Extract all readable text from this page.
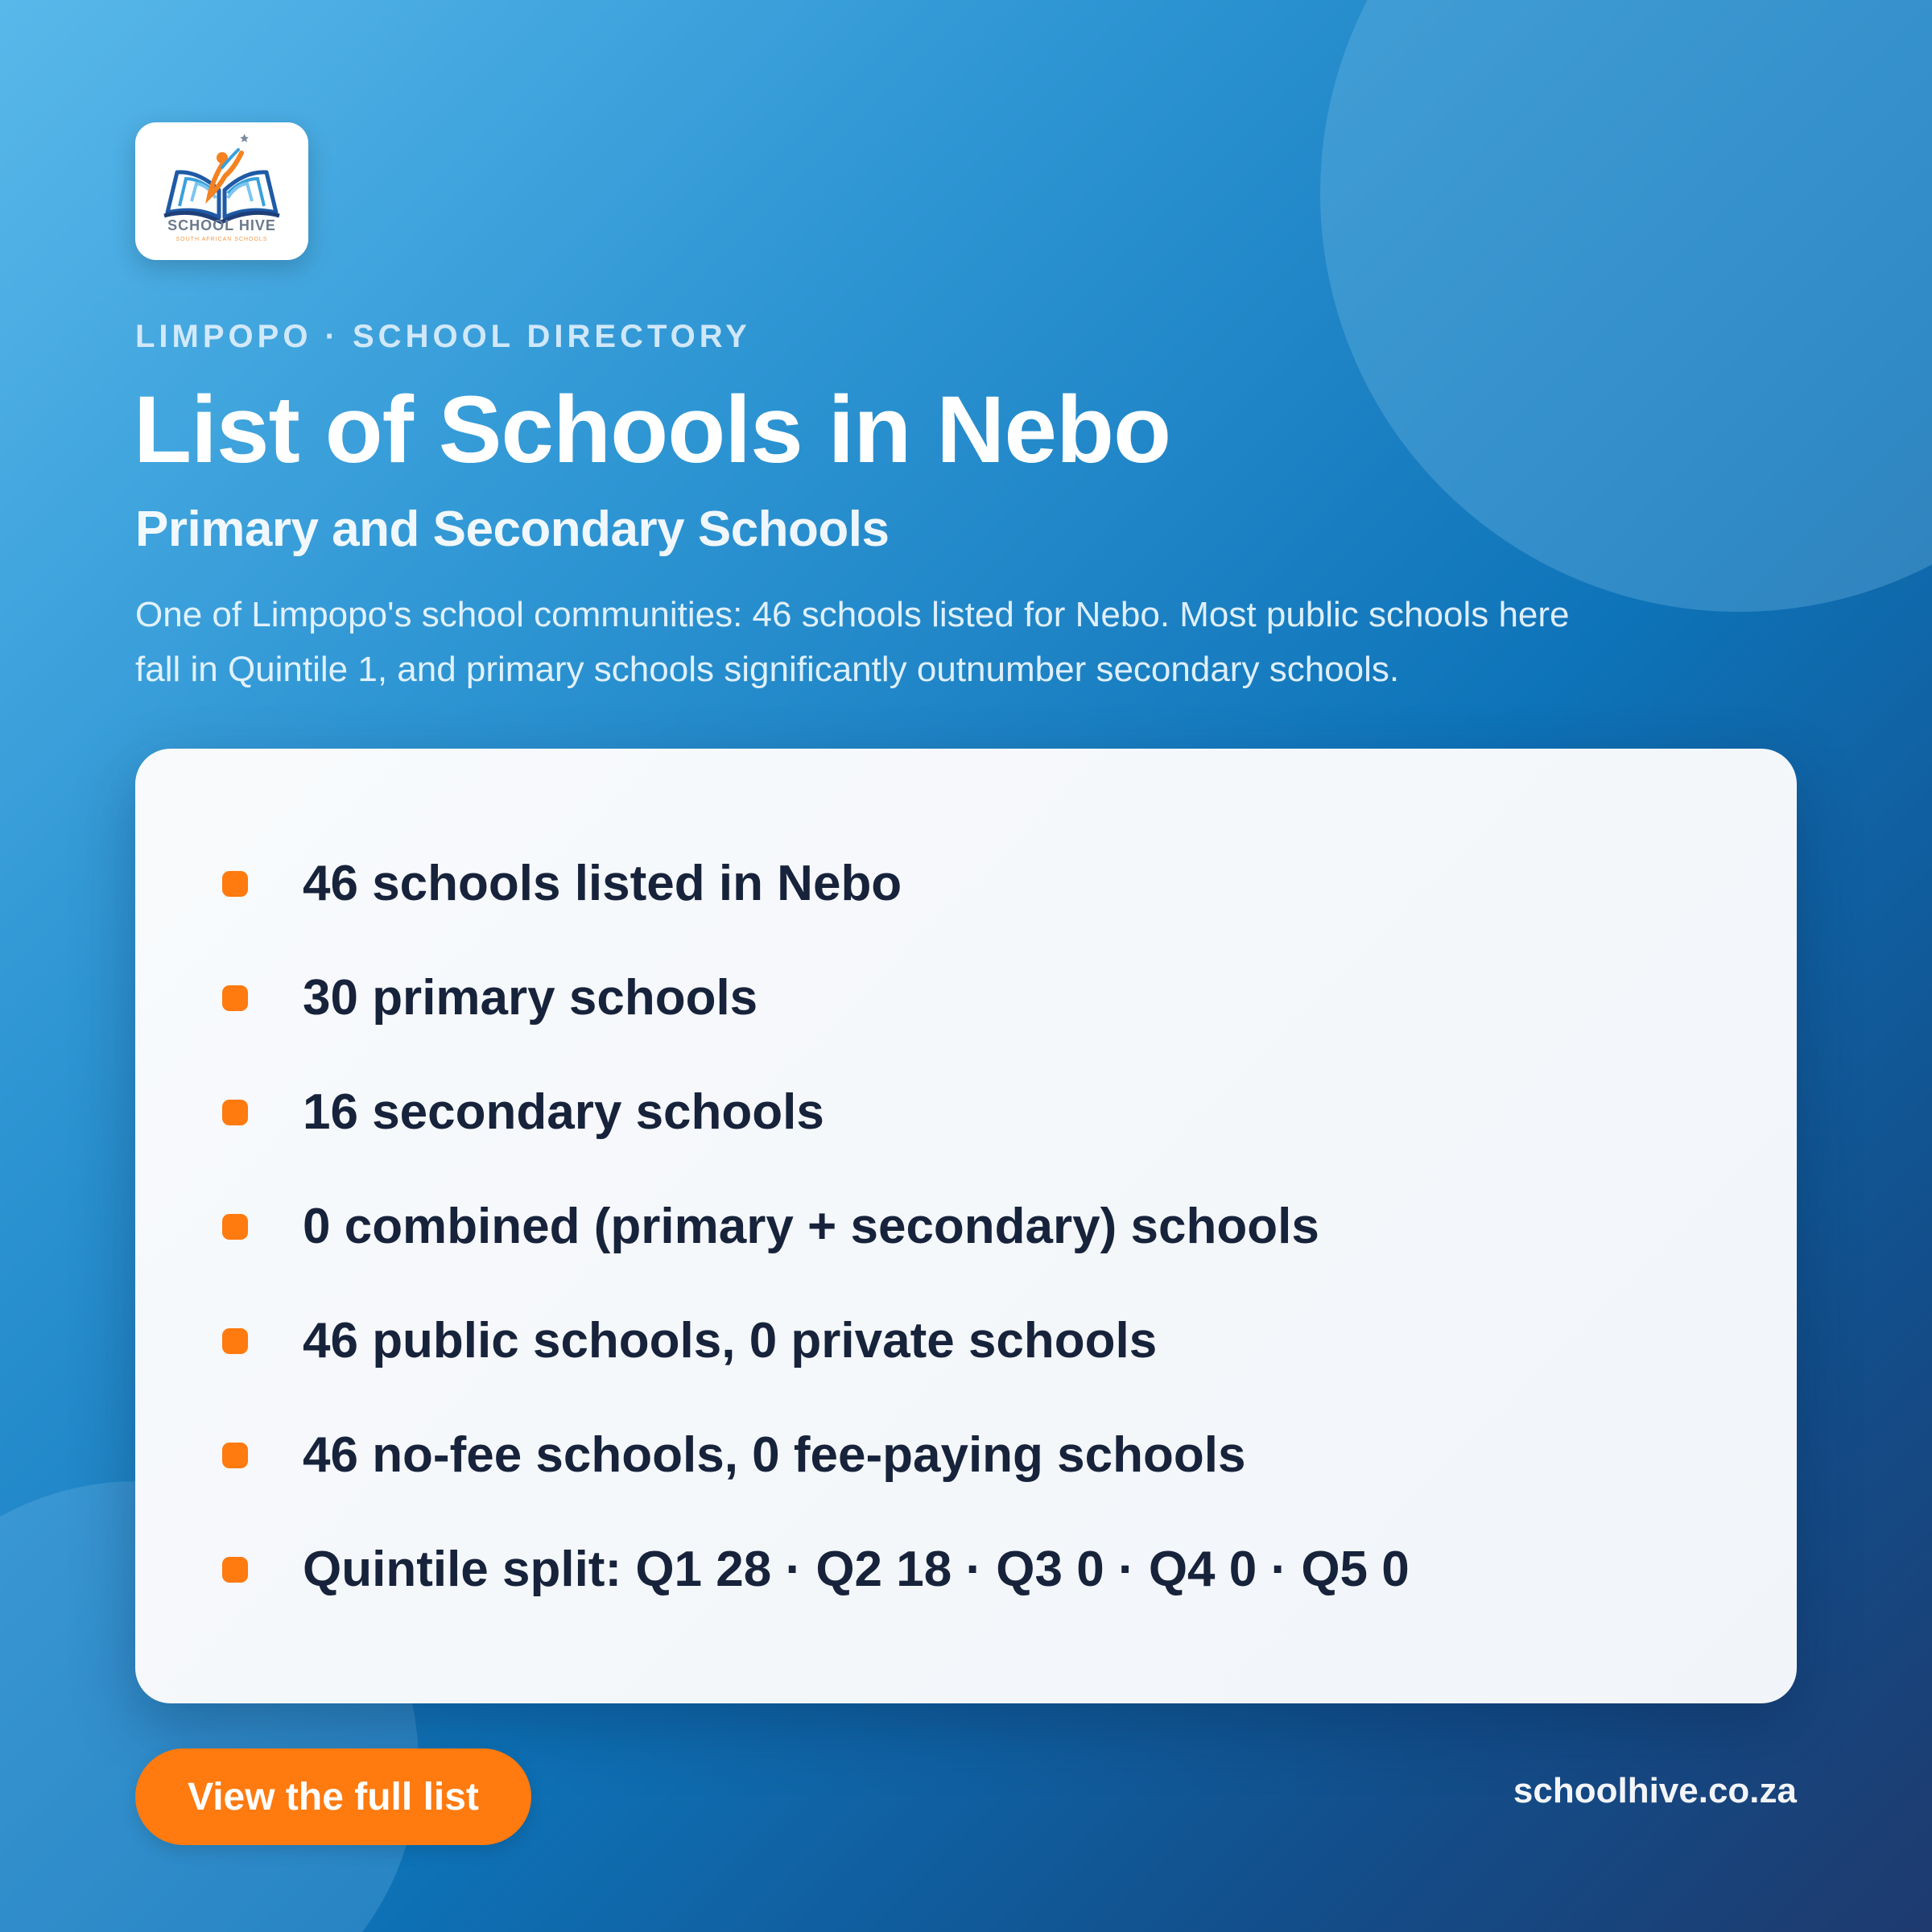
SCHOOL HIVE
SOUTH AFRICAN SCHOOLS
LIMPOPO · SCHOOL DIRECTORY
List of Schools in Nebo
Primary and Secondary Schools
One of Limpopo's school communities: 46 schools listed for Nebo. Most public schools here fall in Quintile 1, and primary schools significantly outnumber secondary schools.
46 schools listed in Nebo
30 primary schools
16 secondary schools
0 combined (primary + secondary) schools
46 public schools, 0 private schools
46 no-fee schools, 0 fee-paying schools
Quintile split: Q1 28 · Q2 18 · Q3 0 · Q4 0 · Q5 0
View the full list	schoolhive.co.za
